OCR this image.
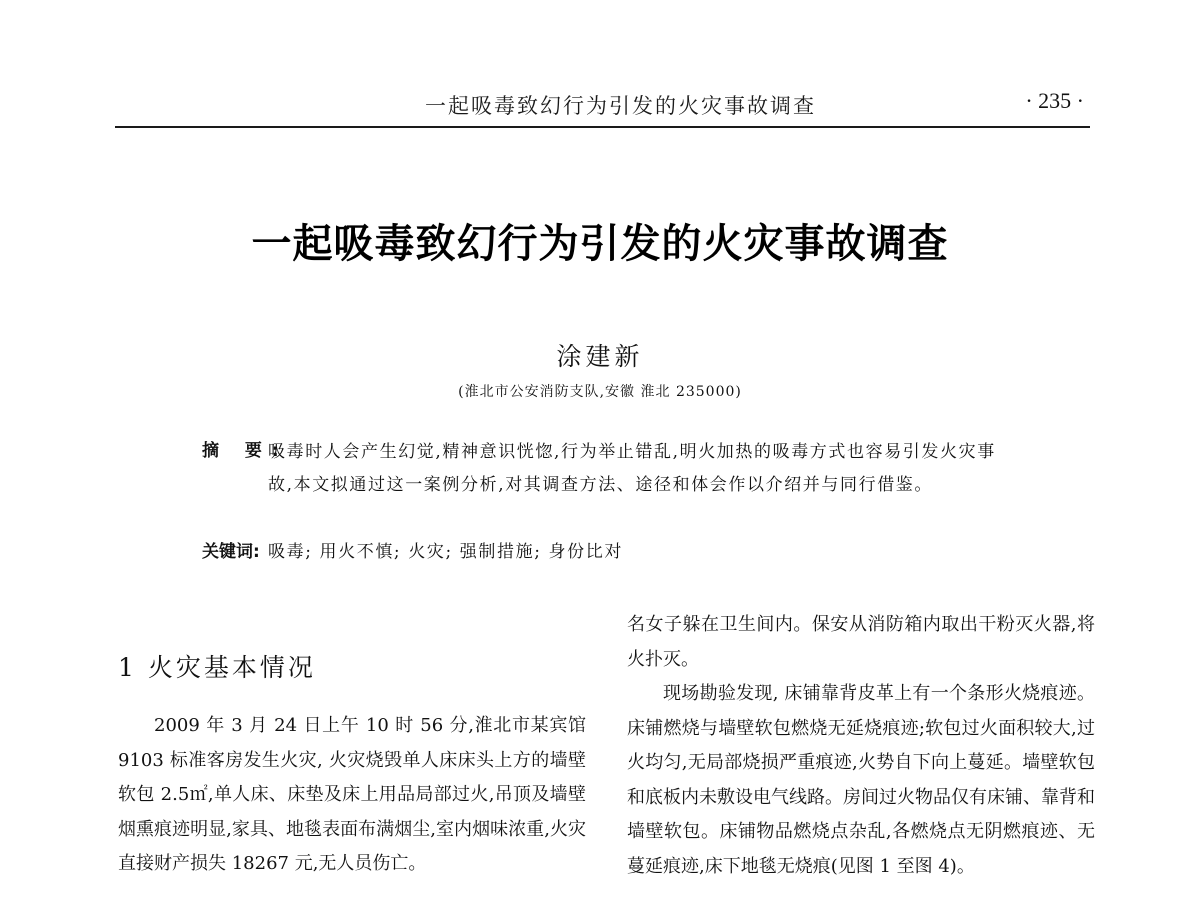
一起吸毒致幻行为引发的火灾事故调查	· 235 ·
一起吸毒致幻行为引发的火灾事故调查
涂建新
(淮北市公安消防支队,安徽 淮北 235000)
摘 要:
吸毒时人会产生幻觉,精神意识恍惚,行为举止错乱,明火加热的吸毒方式也容易引发火灾事故,本文拟通过这一案例分析,对其调查方法、途径和体会作以介绍并与同行借鉴。
关键词: 吸毒; 用火不慎; 火灾; 强制措施; 身份比对
1 火灾基本情况
2009 年 3 月 24 日上午 10 时 56 分,淮北市某宾馆 9103 标准客房发生火灾, 火灾烧毁单人床床头上方的墙壁软包 2.5㎡,单人床、床垫及床上用品局部过火,吊顶及墙壁烟熏痕迹明显,家具、地毯表面布满烟尘,室内烟味浓重,火灾直接财产损失 18267 元,无人员伤亡。

名女子躲在卫生间内。保安从消防箱内取出干粉灭火器,将火扑灭。

现场勘验发现, 床铺靠背皮革上有一个条形火烧痕迹。床铺燃烧与墙壁软包燃烧无延烧痕迹;软包过火面积较大,过火均匀,无局部烧损严重痕迹,火势自下向上蔓延。墙壁软包和底板内未敷设电气线路。房间过火物品仅有床铺、靠背和墙壁软包。床铺物品燃烧点杂乱,各燃烧点无阴燃痕迹、无蔓延痕迹,床下地毯无烧痕(见图 1 至图 4)。
